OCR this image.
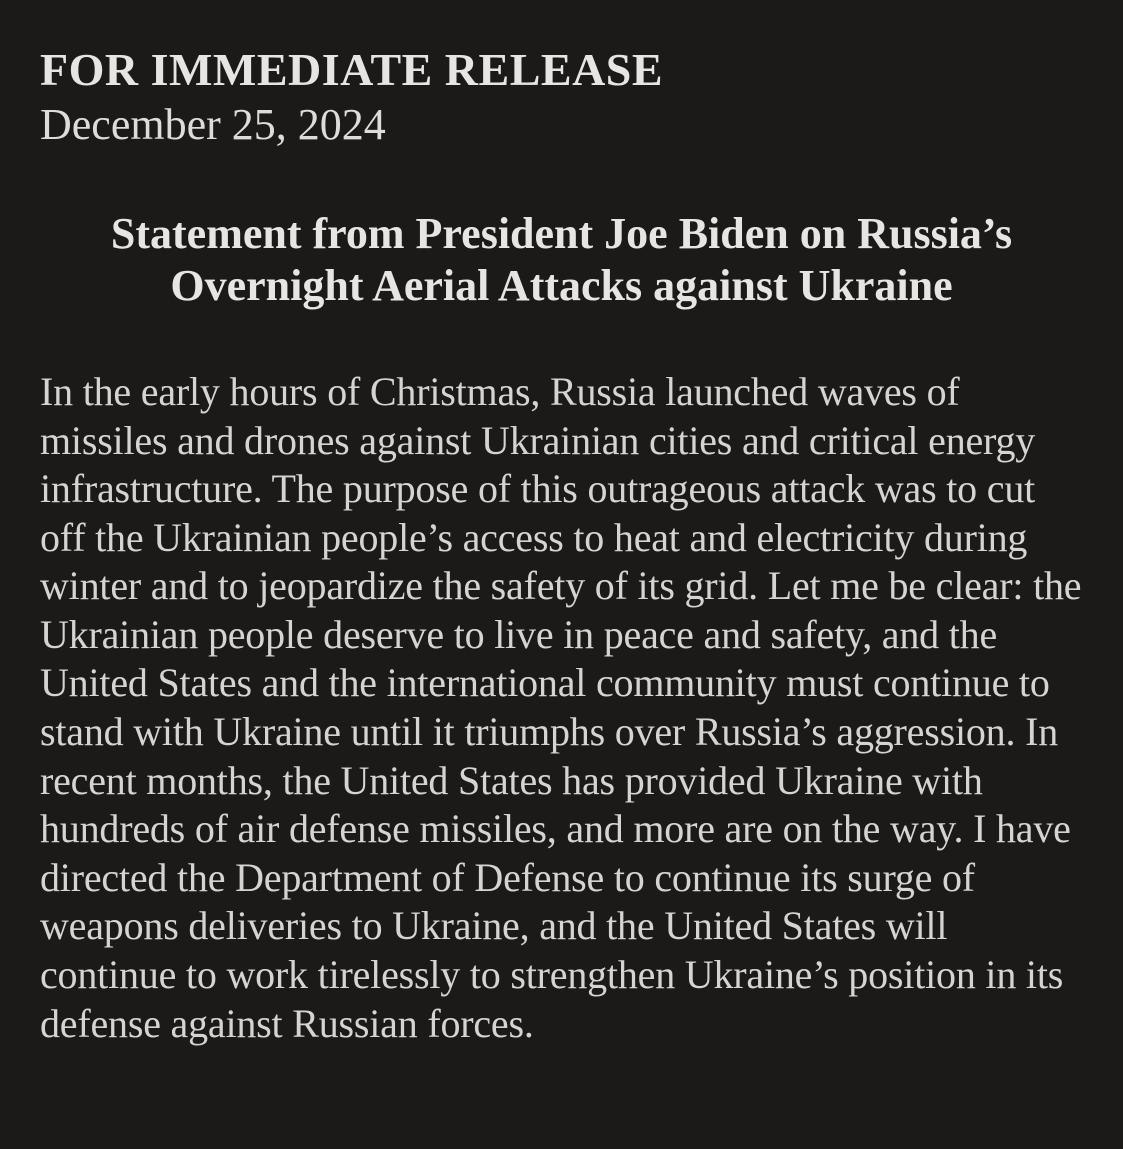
FOR IMMEDIATE RELEASE
December 25, 2024
Statement from President Joe Biden on Russia’s
Overnight Aerial Attacks against Ukraine

In the early hours of Christmas, Russia launched waves of missiles and drones against Ukrainian cities and critical energy infrastructure. The purpose of this outrageous attack was to cut off the Ukrainian people’s access to heat and electricity during winter and to jeopardize the safety of its grid. Let me be clear: the Ukrainian people deserve to live in peace and safety, and the United States and the international community must continue to stand with Ukraine until it triumphs over Russia’s aggression. In recent months, the United States has provided Ukraine with hundreds of air defense missiles, and more are on the way. I have directed the Department of Defense to continue its surge of weapons deliveries to Ukraine, and the United States will continue to work tirelessly to strengthen Ukraine’s position in its defense against Russian forces.
